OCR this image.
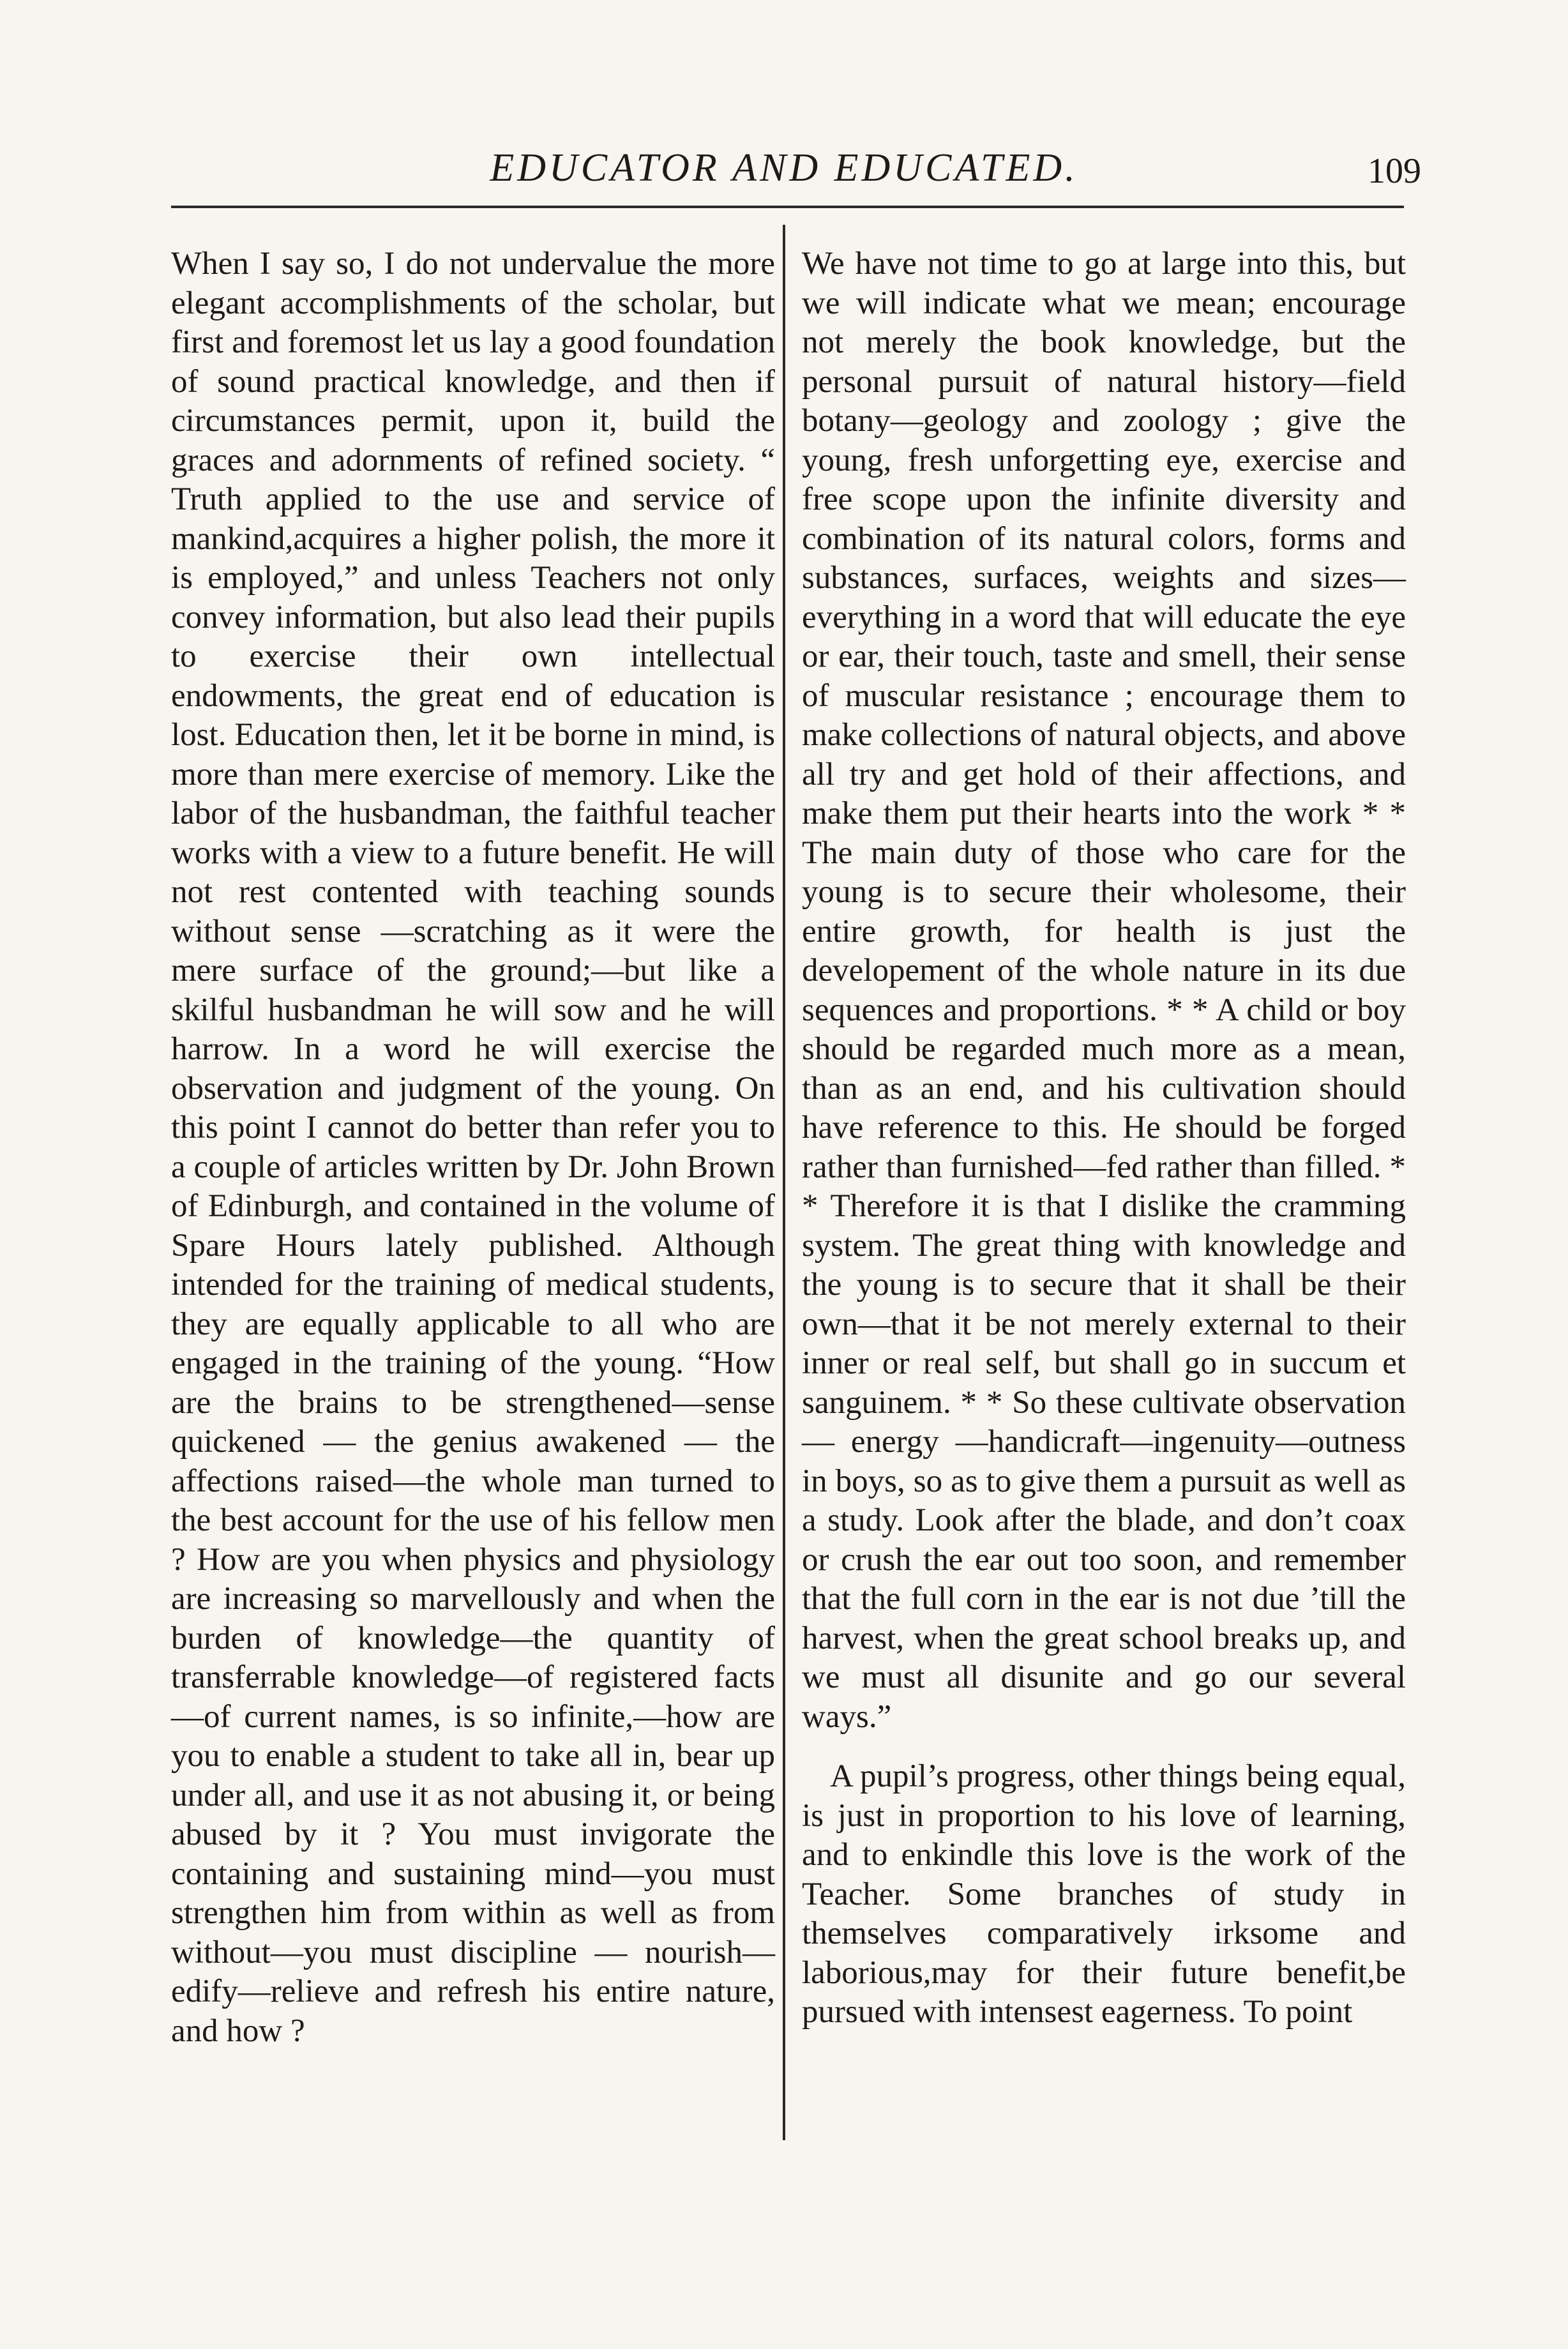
EDUCATOR AND EDUCATED.	109

When I say so, I do not undervalue the more elegant accomplishments of the scholar, but first and foremost let us lay a good foundation of sound practical knowledge, and then if circumstances permit, upon it, build the graces and adornments of refined society. “ Truth applied to the use and service of mankind,acquires a higher polish, the more it is employed,” and unless Teachers not only convey information, but also lead their pupils to exercise their own intellectual endowments, the great end of education is lost. Education then, let it be borne in mind, is more than mere exercise of memory. Like the labor of the husbandman, the faithful teacher works with a view to a future benefit. He will not rest contented with teaching sounds without sense —scratching as it were the mere surface of the ground;—but like a skilful husbandman he will sow and he will harrow. In a word he will exercise the observation and judgment of the young. On this point I cannot do better than refer you to a couple of articles written by Dr. John Brown of Edinburgh, and contained in the volume of Spare Hours lately published. Although intended for the training of medical students, they are equally applicable to all who are engaged in the training of the young. “How are the brains to be strengthened—sense quickened — the genius awakened — the affections raised—the whole man turned to the best account for the use of his fellow men ? How are you when physics and physiology are increasing so marvellously and when the burden of knowledge—the quantity of transferrable knowledge—of registered facts—of current names, is so infinite,—how are you to enable a student to take all in, bear up under all, and use it as not abusing it, or being abused by it ? You must invigorate the containing and sustaining mind—you must strengthen him from within as well as from without—you must discipline — nourish—edify—relieve and refresh his entire nature, and how ?

We have not time to go at large into this, but we will indicate what we mean; encourage not merely the book knowledge, but the personal pursuit of natural history—field botany—geology and zoology ; give the young, fresh unforgetting eye, exercise and free scope upon the infinite diversity and combination of its natural colors, forms and substances, surfaces, weights and sizes—everything in a word that will educate the eye or ear, their touch, taste and smell, their sense of muscular resistance ; encourage them to make collections of natural objects, and above all try and get hold of their affections, and make them put their hearts into the work * * The main duty of those who care for the young is to secure their wholesome, their entire growth, for health is just the developement of the whole nature in its due sequences and proportions. * * A child or boy should be regarded much more as a mean, than as an end, and his cultivation should have reference to this. He should be forged rather than furnished—fed rather than filled. * * Therefore it is that I dislike the cramming system. The great thing with knowledge and the young is to secure that it shall be their own—that it be not merely external to their inner or real self, but shall go in succum et sanguinem. * * So these cultivate observation — energy —handicraft—ingenuity—outness in boys, so as to give them a pursuit as well as a study. Look after the blade, and don’t coax or crush the ear out too soon, and remember that the full corn in the ear is not due ’till the harvest, when the great school breaks up, and we must all disunite and go our several ways.”

A pupil’s progress, other things being equal, is just in proportion to his love of learning, and to enkindle this love is the work of the Teacher. Some branches of study in themselves comparatively irksome and laborious,may for their future benefit,be pursued with intensest eagerness. To point
